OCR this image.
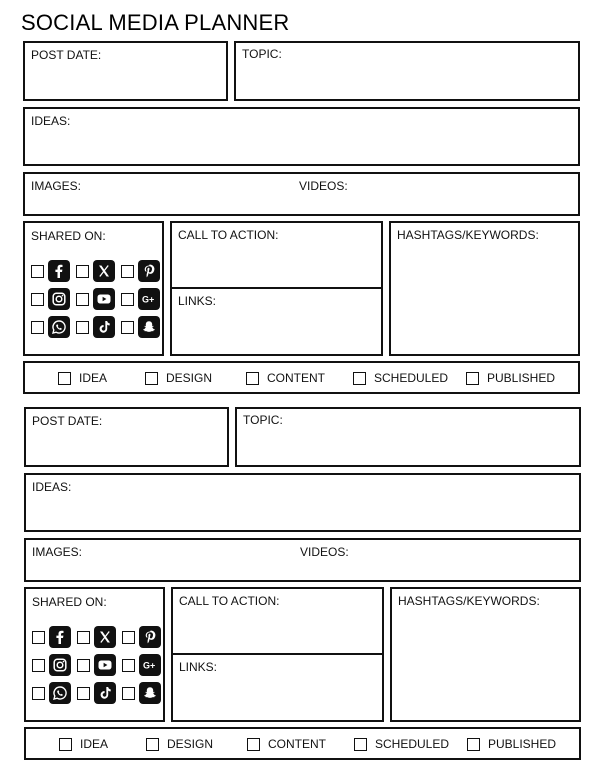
SOCIAL MEDIA PLANNER
POST DATE:	TOPIC:
IDEAS:
IMAGES:	VIDEOS:
SHARED ON:
G+
CALL TO ACTION:
LINKS:
HASHTAGS/KEYWORDS:
IDEA	DESIGN	CONTENT	SCHEDULED	PUBLISHED
POST DATE:	TOPIC:
IDEAS:
IMAGES:	VIDEOS:
SHARED ON:
G+
CALL TO ACTION:
LINKS:
HASHTAGS/KEYWORDS:
IDEA	DESIGN	CONTENT	SCHEDULED	PUBLISHED
